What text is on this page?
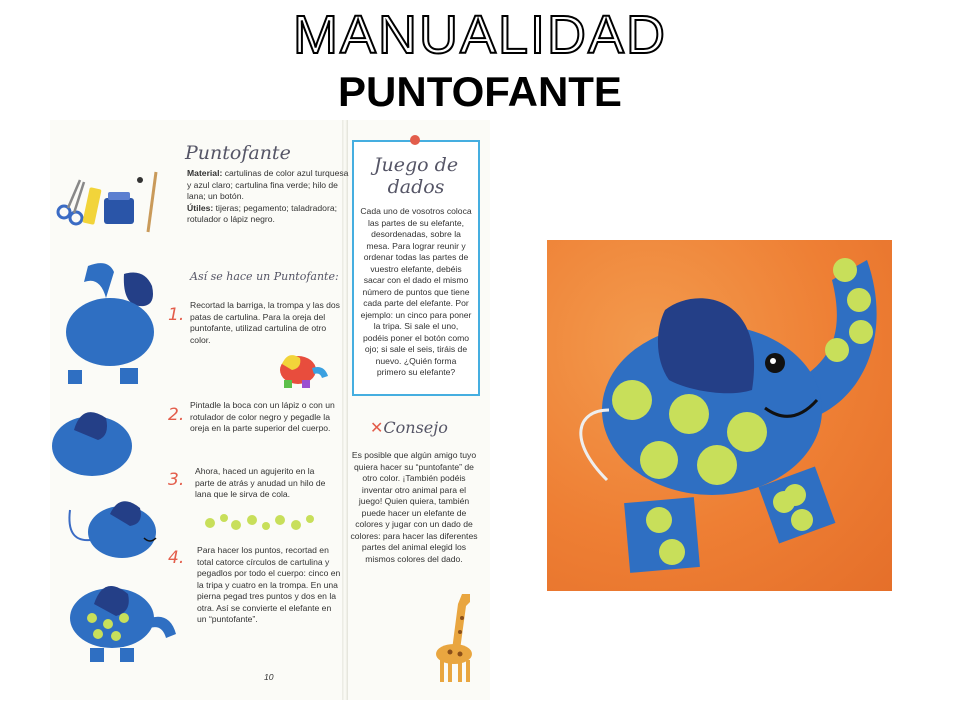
MANUALIDAD
PUNTOFANTE
Puntofante
Material: cartulinas de color azul turquesa y azul claro; cartulina fina verde; hilo de lana; un botón.
Útiles: tijeras; pegamento; taladradora; rotulador o lápiz negro.
Así se hace un Puntofante:
1. Recortad la barriga, la trompa y las dos patas de cartulina. Para la oreja del puntofante, utilizad cartulina de otro color.
2. Pintadle la boca con un lápiz o con un rotulador de color negro y pegadle la oreja en la parte superior del cuerpo.
3. Ahora, haced un agujerito en la parte de atrás y anudad un hilo de lana que le sirva de cola.
4. Para hacer los puntos, recortad en total catorce círculos de cartulina y pegadlos por todo el cuerpo: cinco en la tripa y cuatro en la trompa. En una pierna pegad tres puntos y dos en la otra. Así se convierte el elefante en un “puntofante”.
Juego de dados
Cada uno de vosotros coloca las partes de su elefante, desordenadas, sobre la mesa. Para lograr reunir y ordenar todas las partes de vuestro elefante, debéis sacar con el dado el mismo número de puntos que tiene cada parte del elefante. Por ejemplo: un cinco para poner la tripa. Si sale el uno, podéis poner el botón como ojo; si sale el seis, tiráis de nuevo. ¿Quién forma primero su elefante?
✕Consejo
Es posible que algún amigo tuyo quiera hacer su “puntofante” de otro color. ¡También podéis inventar otro animal para el juego! Quien quiera, también puede hacer un elefante de colores y jugar con un dado de colores: para hacer las diferentes partes del animal elegid los mismos colores del dado.
10
